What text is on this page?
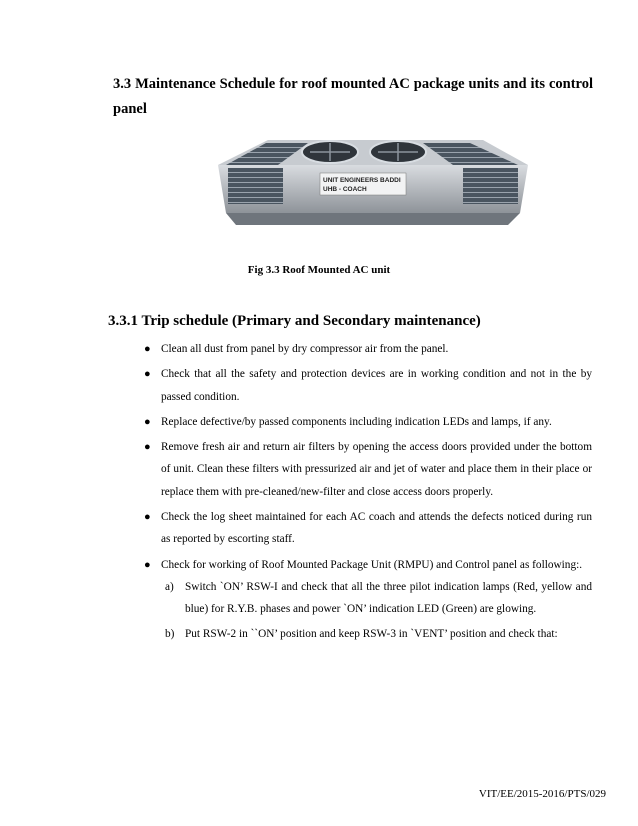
3.3 Maintenance Schedule for roof mounted AC package units and its control panel
UNIT ENGINEERS BADDI
UHB - COACH
Fig 3.3 Roof Mounted AC unit
3.3.1 Trip schedule (Primary and Secondary maintenance)
● Clean all dust from panel by dry compressor air from the panel.
● Check that all the safety and protection devices are in working condition and not in the by passed condition.
● Replace defective/by passed components including indication LEDs and lamps, if any.
● Remove fresh air and return air filters by opening the access doors provided under the bottom of unit. Clean these filters with pressurized air and jet of water and place them in their place or replace them with pre-cleaned/new-filter and close access doors properly.
● Check the log sheet maintained for each AC coach and attends the defects noticed during run as reported by escorting staff.
● Check for working of Roof Mounted Package Unit (RMPU) and Control panel as following:.
a) Switch `ON’ RSW-I and check that all the three pilot indication lamps (Red, yellow and blue) for R.Y.B. phases and power `ON’ indication LED (Green) are glowing.
b) Put RSW-2 in ``ON’ position and keep RSW-3 in `VENT’ position and check that:
VIT/EE/2015-2016/PTS/029
